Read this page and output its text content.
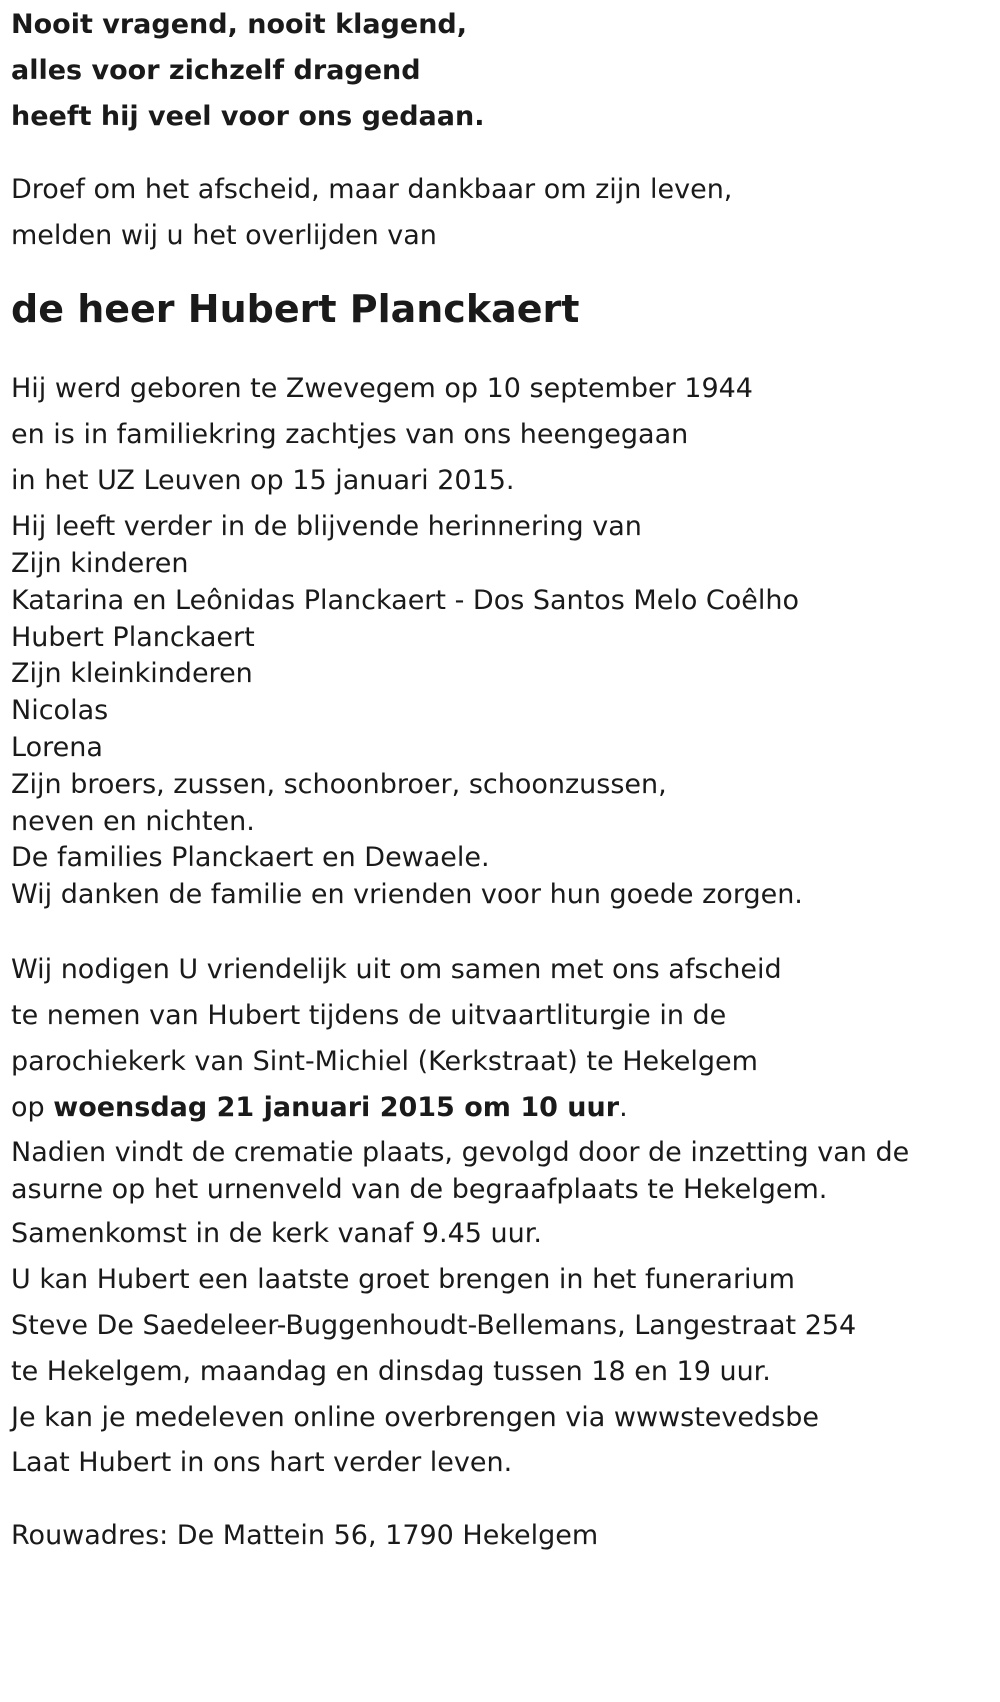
Nooit vragend, nooit klagend,
alles voor zichzelf dragend
heeft hij veel voor ons gedaan.
Droef om het afscheid, maar dankbaar om zijn leven,
melden wij u het overlijden van
de heer Hubert Planckaert
Hij werd geboren te Zwevegem op 10 september 1944
en is in familiekring zachtjes van ons heengegaan
in het UZ Leuven op 15 januari 2015.
Hij leeft verder in de blijvende herinnering van
Zijn kinderen
Katarina en Leônidas Planckaert - Dos Santos Melo Coêlho
Hubert Planckaert
Zijn kleinkinderen
Nicolas
Lorena
Zijn broers, zussen, schoonbroer, schoonzussen,
neven en nichten.
De families Planckaert en Dewaele.
Wij danken de familie en vrienden voor hun goede zorgen.
Wij nodigen U vriendelijk uit om samen met ons afscheid
te nemen van Hubert tijdens de uitvaartliturgie in de
parochiekerk van Sint-Michiel (Kerkstraat) te Hekelgem
op woensdag 21 januari 2015 om 10 uur.
Nadien vindt de crematie plaats, gevolgd door de inzetting van de
asurne op het urnenveld van de begraafplaats te Hekelgem.
Samenkomst in de kerk vanaf 9.45 uur.
U kan Hubert een laatste groet brengen in het funerarium
Steve De Saedeleer-Buggenhoudt-Bellemans, Langestraat 254
te Hekelgem, maandag en dinsdag tussen 18 en 19 uur.
Je kan je medeleven online overbrengen via wwwstevedsbe
Laat Hubert in ons hart verder leven.
Rouwadres: De Mattein 56, 1790 Hekelgem
